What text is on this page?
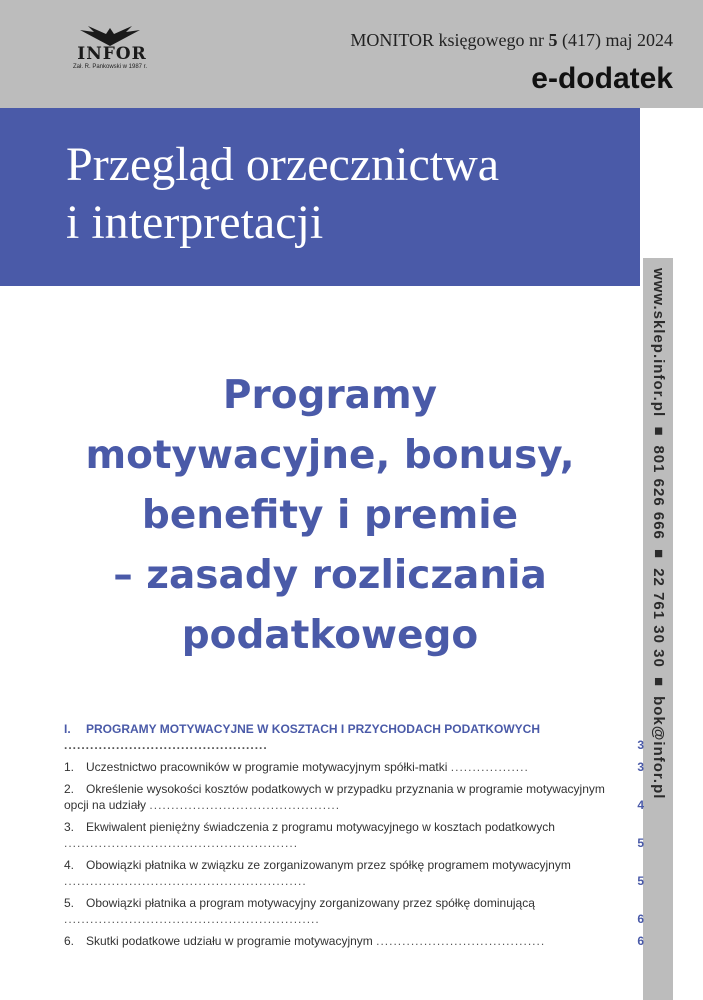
INFOR
Zał. R. Pankowski w 1987 r.
MONITOR księgowego nr 5 (417) maj 2024
e-dodatek
Przegląd orzecznictwa
i interpretacji
www.sklep.infor.pl ■ 801 626 666 ■ 22 761 30 30 ■ bok@infor.pl
Programy
motywacyjne, bonusy,
benefity i premie
– zasady rozliczania
podatkowego
I. PROGRAMY MOTYWACYJNE W KOSZTACH I PRZYCHODACH PODATKOWYCH ...............................................	3
1. Uczestnictwo pracowników w programie motywacyjnym spółki-matki ..................	3
2. Określenie wysokości kosztów podatkowych w przypadku przyznania w programie motywacyjnym opcji na udziały ............................................	4
3. Ekwiwalent pieniężny świadczenia z programu motywacyjnego w kosztach podatkowych ......................................................	5
4. Obowiązki płatnika w związku ze zorganizowanym przez spółkę programem motywacyjnym ........................................................	5
5. Obowiązki płatnika a program motywacyjny zorganizowany przez spółkę dominującą ...........................................................	6
6. Skutki podatkowe udziału w programie motywacyjnym .......................................	6
